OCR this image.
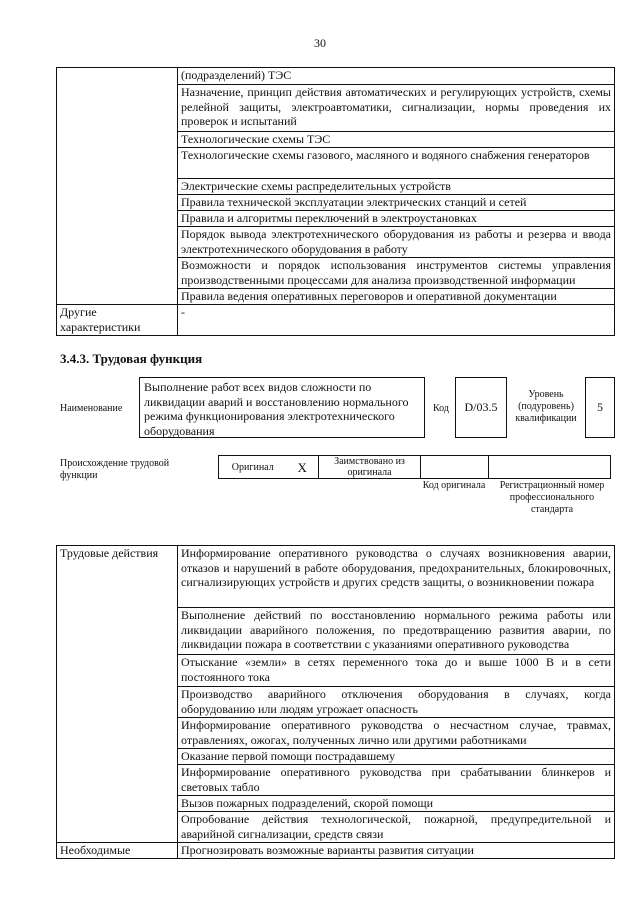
30
	(подразделений) ТЭС
	Назначение, принцип действия автоматических и регулирующих устройств, схемы релейной защиты, электроавтоматики, сигнализации, нормы проведения их проверок и испытаний
	Технологические схемы ТЭС
	Технологические схемы газового, масляного и водяного снабжения генераторов
	Электрические схемы распределительных устройств
	Правила технической эксплуатации электрических станций и сетей
	Правила и алгоритмы переключений в электроустановках
	Порядок вывода электротехнического оборудования из работы и резерва и ввода электротехнического оборудования в работу
	Возможности и порядок использования инструментов системы управления производственными процессами для анализа производственной информации
	Правила ведения оперативных переговоров и оперативной документации
Другие характеристики	-
3.4.3. Трудовая функция
Наименование
Выполнение работ всех видов сложности по ликвидации аварий и восстановлению нормального режима функционирования электротехнического оборудования
Код	D/03.5
Уровень (подуровень) квалификации
5
Происхождение трудовой функции
Оригинал	X	Заимствовано из оригинала		
Код оригинала	Регистрационный номер профессионального стандарта
Трудовые действия	Информирование оперативного руководства о случаях возникновения аварии, отказов и нарушений в работе оборудования, предохранительных, блокировочных, сигнализирующих устройств и других средств защиты, о возникновении пожара
	Выполнение действий по восстановлению нормального режима работы или ликвидации аварийного положения, по предотвращению развития аварии, по ликвидации пожара в соответствии с указаниями оперативного руководства
	Отыскание «земли» в сетях переменного тока до и выше 1000 В и в сети постоянного тока
	Производство аварийного отключения оборудования в случаях, когда оборудованию или людям угрожает опасность
	Информирование оперативного руководства о несчастном случае, травмах, отравлениях, ожогах, полученных лично или другими работниками
	Оказание первой помощи пострадавшему
	Информирование оперативного руководства при срабатывании блинкеров и световых табло
	Вызов пожарных подразделений, скорой помощи
	Опробование действия технологической, пожарной, предупредительной и аварийной сигнализации, средств связи
Необходимые	Прогнозировать возможные варианты развития ситуации
